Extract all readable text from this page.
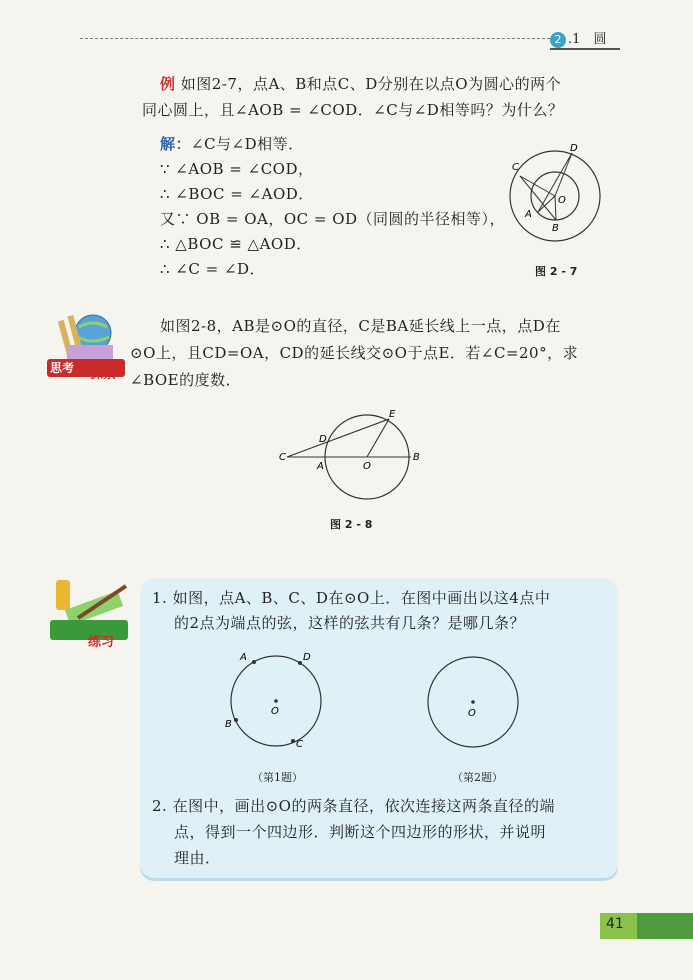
2 .1 圆
例 如图2-7，点A、B和点C、D分别在以点O为圆心的两个
同心圆上，且∠AOB = ∠COD．∠C与∠D相等吗？为什么？
解：∠C与∠D相等．
∵ ∠AOB = ∠COD，
∴ ∠BOC = ∠AOD．
又∵ OB = OA，OC = OD（同圆的半径相等），
∴ △BOC ≌ △AOD．
∴ ∠C = ∠D．
C
D
O
A
B
图 2 - 7
思考 探索
如图2-8，AB是⊙O的直径，C是BA延长线上一点，点D在
⊙O上，且CD=OA，CD的延长线交⊙O于点E．若∠C=20°，求
∠BOE的度数．
C
D
A	O
B
E
图 2 - 8
练习
1. 如图，点A、B、C、D在⊙O上．在图中画出以这4点中
的2点为端点的弦，这样的弦共有几条？是哪几条？
A	D
B
C
O
（第1题）
O
（第2题）
2. 在图中，画出⊙O的两条直径，依次连接这两条直径的端
点，得到一个四边形．判断这个四边形的形状，并说明
理由．
41
